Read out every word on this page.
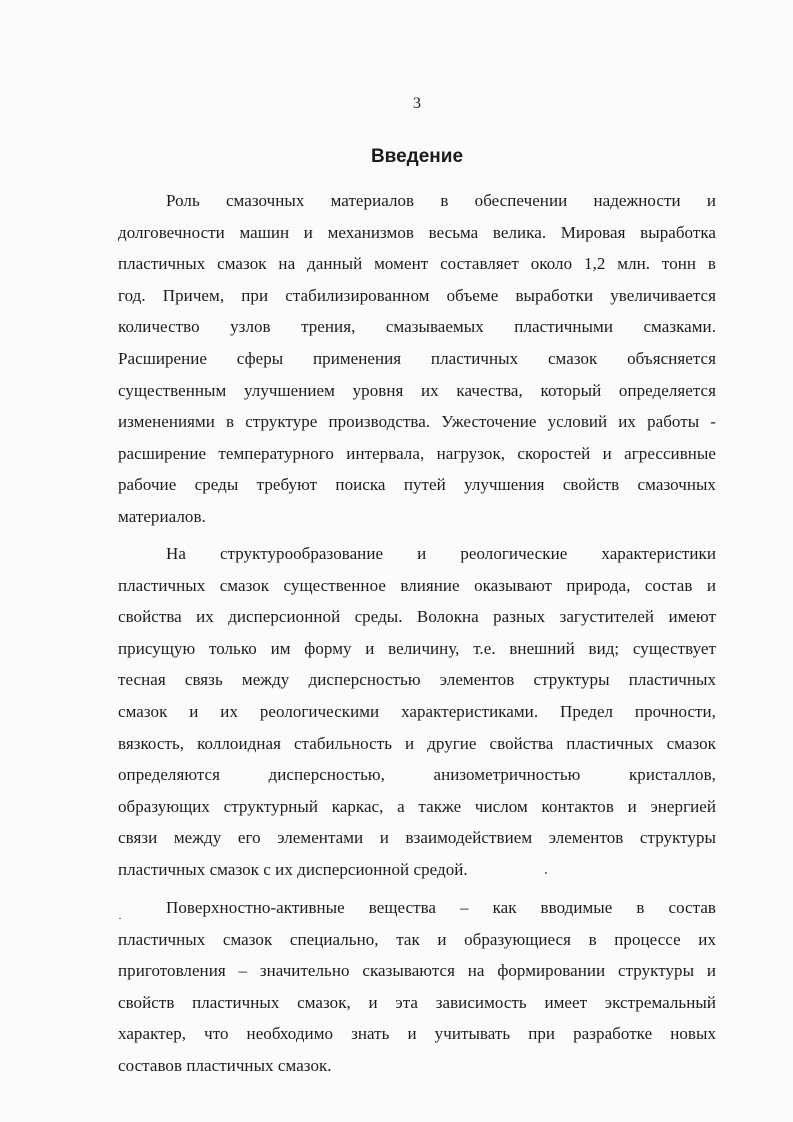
3
Введение
Роль смазочных материалов в обеспечении надежности и
долговечности машин и механизмов весьма велика. Мировая выработка
пластичных смазок на данный момент составляет около 1,2 млн. тонн в
год. Причем, при стабилизированном объеме выработки увеличивается
количество узлов трения, смазываемых пластичными смазками.
Расширение сферы применения пластичных смазок объясняется
существенным улучшением уровня их качества, который определяется
изменениями в структуре производства. Ужесточение условий их работы -
расширение температурного интервала, нагрузок, скоростей и агрессивные
рабочие среды требуют поиска путей улучшения свойств смазочных
материалов.
На структурообразование и реологические характеристики
пластичных смазок существенное влияние оказывают природа, состав и
свойства их дисперсионной среды. Волокна разных загустителей имеют
присущую только им форму и величину, т.е. внешний вид; существует
тесная связь между дисперсностью элементов структуры пластичных
смазок и их реологическими характеристиками. Предел прочности,
вязкость, коллоидная стабильность и другие свойства пластичных смазок
определяются дисперсностью, анизометричностью кристаллов,
образующих структурный каркас, а также числом контактов и энергией
связи между его элементами и взаимодействием элементов структуры
пластичных смазок с их дисперсионной средой.
Поверхностно-активные вещества – как вводимые в состав
пластичных смазок специально, так и образующиеся в процессе их
приготовления – значительно сказываются на формировании структуры и
свойств пластичных смазок, и эта зависимость имеет экстремальный
характер, что необходимо знать и учитывать при разработке новых
составов пластичных смазок.
